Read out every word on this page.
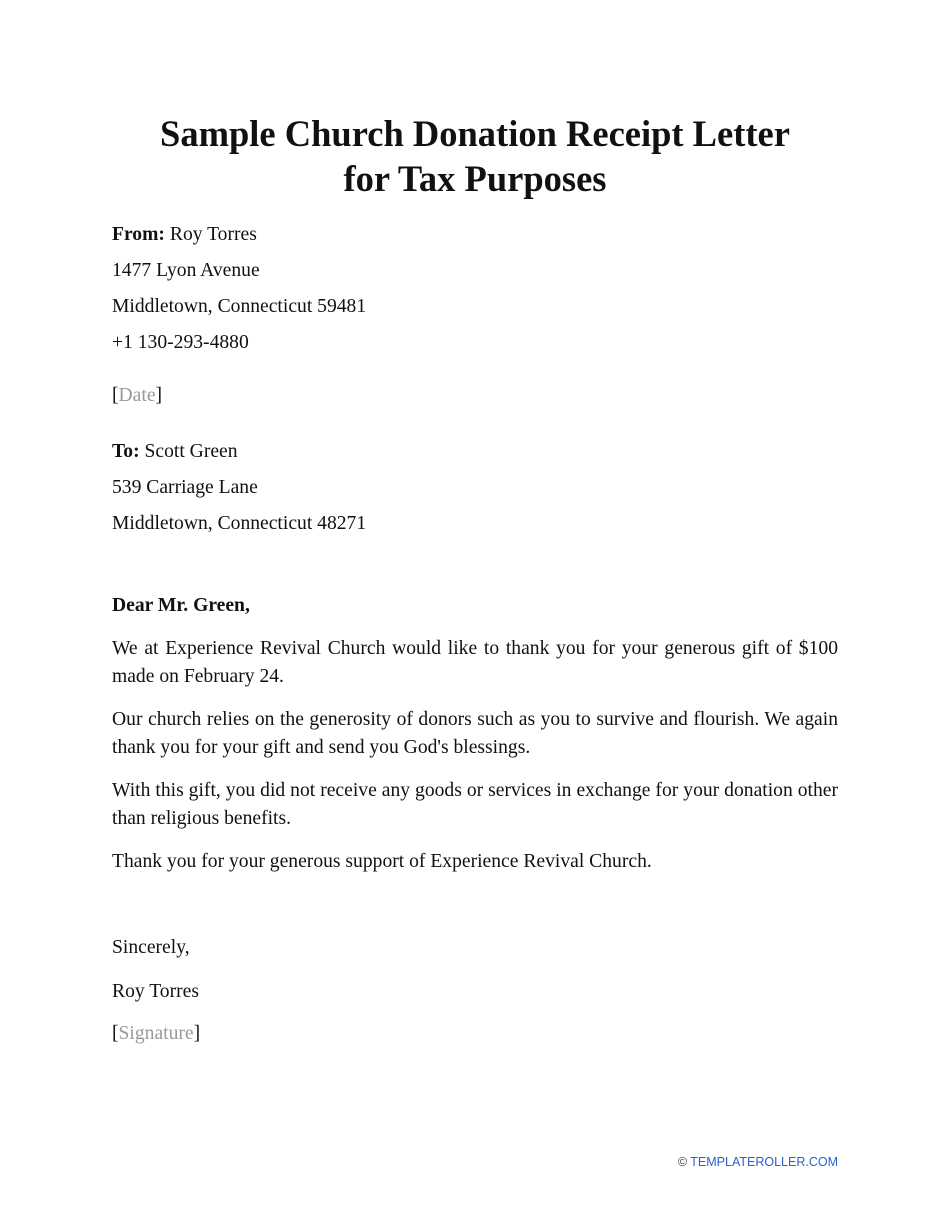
Sample Church Donation Receipt Letter
for Tax Purposes

From: Roy Torres

1477 Lyon Avenue

Middletown, Connecticut 59481

+1 130-293-4880

[Date]

To: Scott Green

539 Carriage Lane

Middletown, Connecticut 48271

Dear Mr. Green,

We at Experience Revival Church would like to thank you for your generous gift of $100 made on February 24.

Our church relies on the generosity of donors such as you to survive and flourish. We again thank you for your gift and send you God's blessings.

With this gift, you did not receive any goods or services in exchange for your donation other than religious benefits.

Thank you for your generous support of Experience Revival Church.

Sincerely,

Roy Torres

[Signature]

© TEMPLATEROLLER.COM
